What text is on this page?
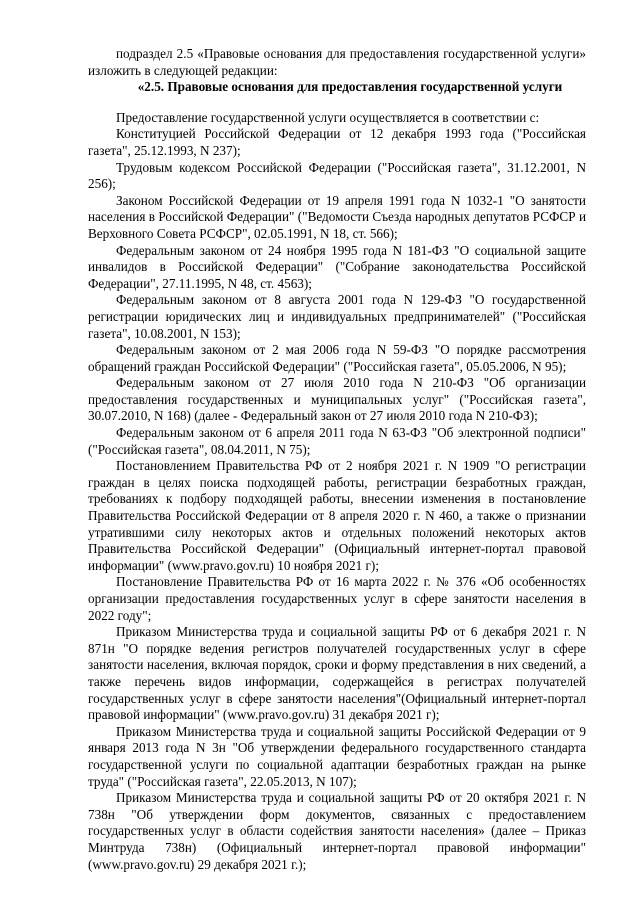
подраздел 2.5 «Правовые основания для предоставления государственной услуги» изложить в следующей редакции:

«2.5. Правовые основания для предоставления государственной услуги

Предоставление государственной услуги осуществляется в соответствии с:

Конституцией Российской Федерации от 12 декабря 1993 года ("Российская газета", 25.12.1993, N 237);

Трудовым кодексом Российской Федерации ("Российская газета", 31.12.2001, N 256);

Законом Российской Федерации от 19 апреля 1991 года N 1032-1 "О занятости населения в Российской Федерации" ("Ведомости Съезда народных депутатов РСФСР и Верховного Совета РСФСР", 02.05.1991, N 18, ст. 566);

Федеральным законом от 24 ноября 1995 года N 181-ФЗ "О социальной защите инвалидов в Российской Федерации" ("Собрание законодательства Российской Федерации", 27.11.1995, N 48, ст. 4563);

Федеральным законом от 8 августа 2001 года N 129-ФЗ "О государственной регистрации юридических лиц и индивидуальных предпринимателей" ("Российская газета", 10.08.2001, N 153);

Федеральным законом от 2 мая 2006 года N 59-ФЗ "О порядке рассмотрения обращений граждан Российской Федерации" ("Российская газета", 05.05.2006, N 95);

Федеральным законом от 27 июля 2010 года N 210-ФЗ "Об организации предоставления государственных и муниципальных услуг" ("Российская газета", 30.07.2010, N 168) (далее - Федеральный закон от 27 июля 2010 года N 210-ФЗ);

Федеральным законом от 6 апреля 2011 года N 63-ФЗ "Об электронной подписи" ("Российская газета", 08.04.2011, N 75);

Постановлением Правительства РФ от 2 ноября 2021 г. N 1909 "О регистрации граждан в целях поиска подходящей работы, регистрации безработных граждан, требованиях к подбору подходящей работы, внесении изменения в постановление Правительства Российской Федерации от 8 апреля 2020 г. N 460, а также о признании утратившими силу некоторых актов и отдельных положений некоторых актов Правительства Российской Федерации" (Официальный интернет-портал правовой информации" (www.pravo.gov.ru) 10 ноября 2021 г);

Постановление Правительства РФ от 16 марта 2022 г. № 376 «Об особенностях организации предоставления государственных услуг в сфере занятости населения в 2022 году";

Приказом Министерства труда и социальной защиты РФ от 6 декабря 2021 г. N 871н "О порядке ведения регистров получателей государственных услуг в сфере занятости населения, включая порядок, сроки и форму представления в них сведений, а также перечень видов информации, содержащейся в регистрах получателей государственных услуг в сфере занятости населения"(Официальный интернет-портал правовой информации" (www.pravo.gov.ru) 31 декабря 2021 г);

Приказом Министерства труда и социальной защиты Российской Федерации от 9 января 2013 года N 3н "Об утверждении федерального государственного стандарта государственной услуги по социальной адаптации безработных граждан на рынке труда" ("Российская газета", 22.05.2013, N 107);

Приказом Министерства труда и социальной защиты РФ от 20 октября 2021 г. N 738н "Об утверждении форм документов, связанных с предоставлением государственных услуг в области содействия занятости населения» (далее – Приказ Минтруда 738н) (Официальный интернет-портал правовой информации" (www.pravo.gov.ru) 29 декабря 2021 г.);
